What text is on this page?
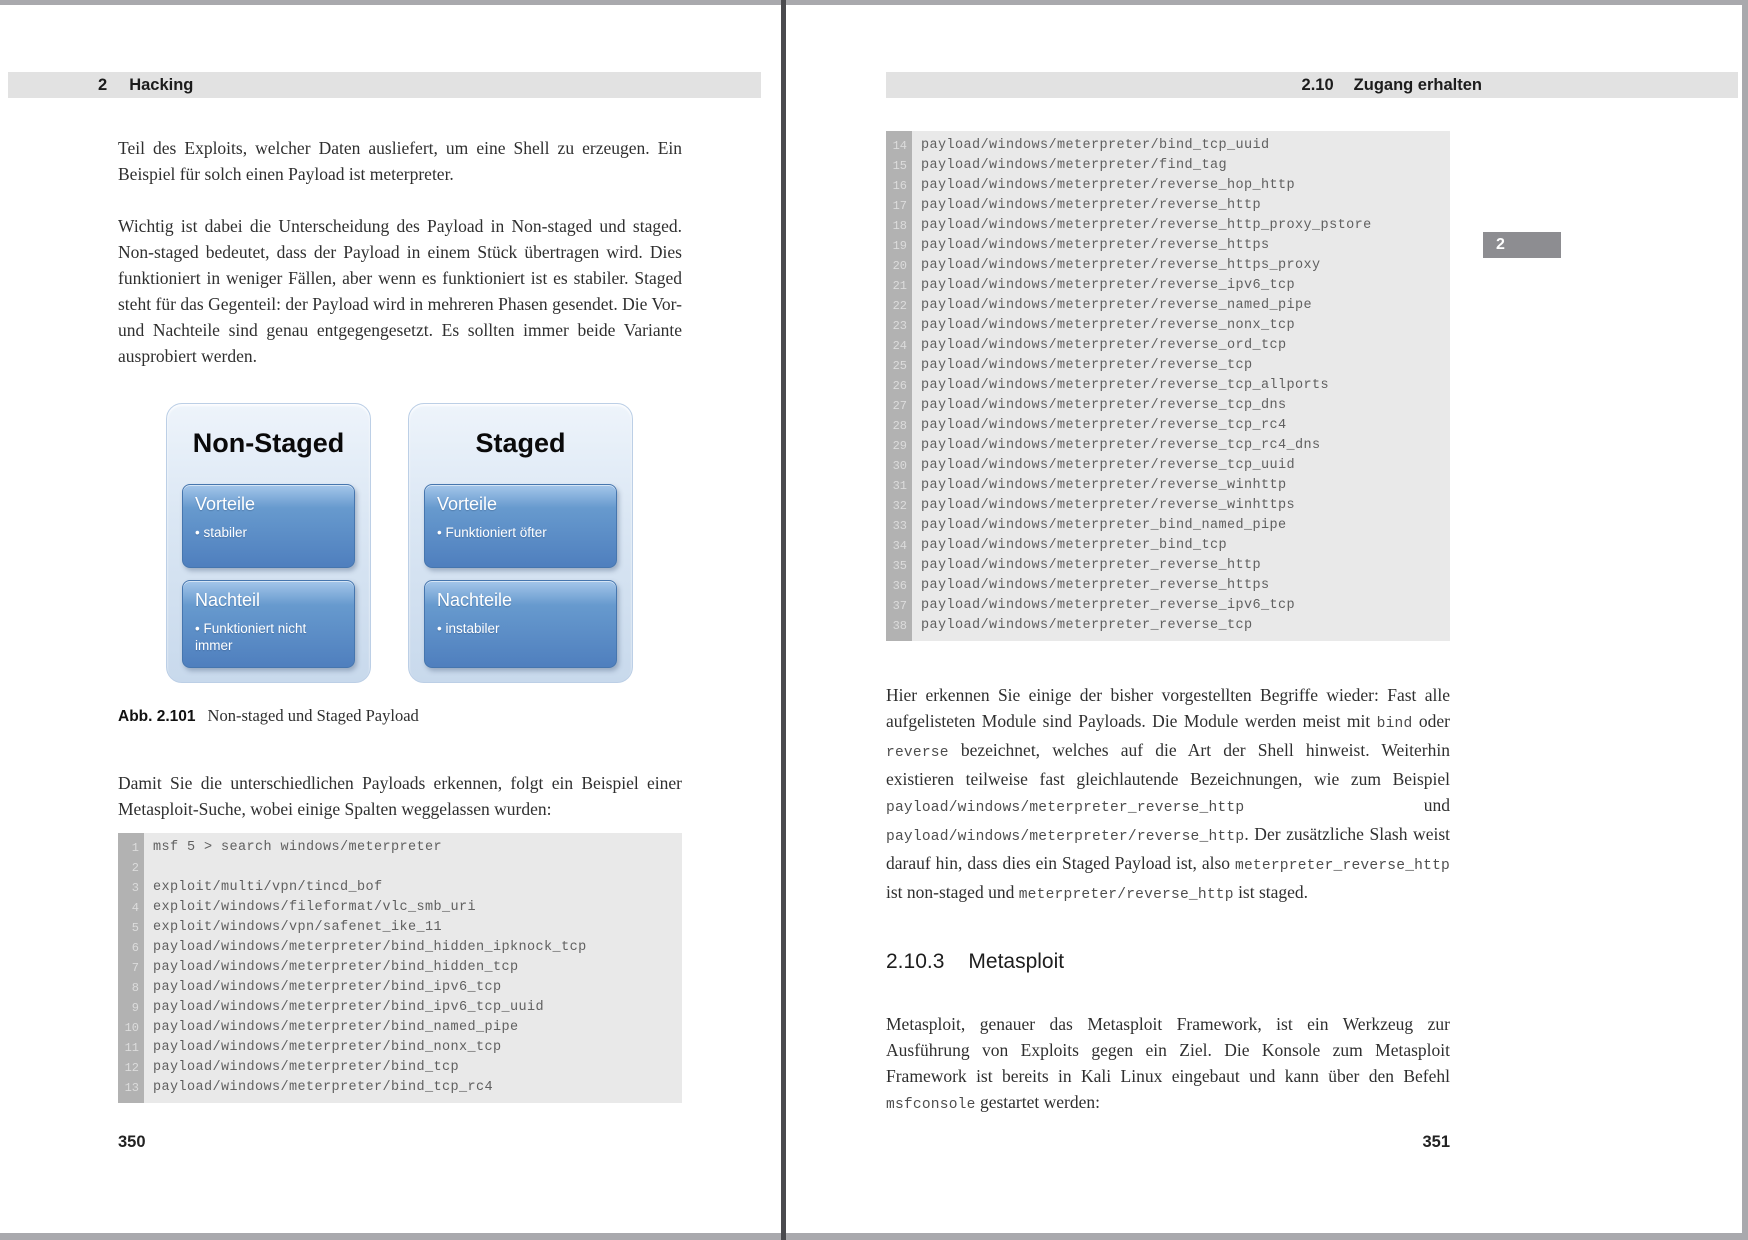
2 Hacking

Teil des Exploits, welcher Daten ausliefert, um eine Shell zu erzeugen. Ein Beispiel für solch einen Payload ist meterpreter.

Wichtig ist dabei die Unterscheidung des Payload in Non-staged und staged. Non-staged bedeutet, dass der Payload in einem Stück übertragen wird. Dies funktioniert in weniger Fällen, aber wenn es funktioniert ist es stabiler. Staged steht für das Gegenteil: der Payload wird in mehreren Phasen gesendet. Die Vor- und Nachteile sind genau entgegengesetzt. Es sollten immer beide Variante ausprobiert werden.

Non-Staged
Vorteile
• stabiler
Nachteil
• Funktioniert nicht immer
Staged
Vorteile
• Funktioniert öfter
Nachteile
• instabiler
Abb. 2.101 Non-staged und Staged Payload

Damit Sie die unterschiedlichen Payloads erkennen, folgt ein Beispiel einer Metasploit-Suche, wobei einige Spalten weggelassen wurden:

1	msf 5 > search windows/meterpreter
2
3	exploit/multi/vpn/tincd_bof
4	exploit/windows/fileformat/vlc_smb_uri
5	exploit/windows/vpn/safenet_ike_11
6	payload/windows/meterpreter/bind_hidden_ipknock_tcp
7	payload/windows/meterpreter/bind_hidden_tcp
8	payload/windows/meterpreter/bind_ipv6_tcp
9	payload/windows/meterpreter/bind_ipv6_tcp_uuid
10	payload/windows/meterpreter/bind_named_pipe
11	payload/windows/meterpreter/bind_nonx_tcp
12	payload/windows/meterpreter/bind_tcp
13	payload/windows/meterpreter/bind_tcp_rc4
350
2.10 Zugang erhalten
2
14	payload/windows/meterpreter/bind_tcp_uuid
15	payload/windows/meterpreter/find_tag
16	payload/windows/meterpreter/reverse_hop_http
17	payload/windows/meterpreter/reverse_http
18	payload/windows/meterpreter/reverse_http_proxy_pstore
19	payload/windows/meterpreter/reverse_https
20	payload/windows/meterpreter/reverse_https_proxy
21	payload/windows/meterpreter/reverse_ipv6_tcp
22	payload/windows/meterpreter/reverse_named_pipe
23	payload/windows/meterpreter/reverse_nonx_tcp
24	payload/windows/meterpreter/reverse_ord_tcp
25	payload/windows/meterpreter/reverse_tcp
26	payload/windows/meterpreter/reverse_tcp_allports
27	payload/windows/meterpreter/reverse_tcp_dns
28	payload/windows/meterpreter/reverse_tcp_rc4
29	payload/windows/meterpreter/reverse_tcp_rc4_dns
30	payload/windows/meterpreter/reverse_tcp_uuid
31	payload/windows/meterpreter/reverse_winhttp
32	payload/windows/meterpreter/reverse_winhttps
33	payload/windows/meterpreter_bind_named_pipe
34	payload/windows/meterpreter_bind_tcp
35	payload/windows/meterpreter_reverse_http
36	payload/windows/meterpreter_reverse_https
37	payload/windows/meterpreter_reverse_ipv6_tcp
38	payload/windows/meterpreter_reverse_tcp

Hier erkennen Sie einige der bisher vorgestellten Begriffe wieder: Fast alle aufgelisteten Module sind Payloads. Die Module werden meist mit bind oder reverse bezeichnet, welches auf die Art der Shell hinweist. Weiterhin existieren teilweise fast gleichlautende Bezeichnungen, wie zum Beispiel payload/windows/meterpreter_reverse_http und payload/windows/meterpreter/reverse_http. Der zusätzliche Slash weist darauf hin, dass dies ein Staged Payload ist, also meterpreter_reverse_http ist non-staged und meterpreter/reverse_http ist staged.

2.10.3 Metasploit

Metasploit, genauer das Metasploit Framework, ist ein Werkzeug zur Ausführung von Exploits gegen ein Ziel. Die Konsole zum Metasploit Framework ist bereits in Kali Linux eingebaut und kann über den Befehl msfconsole gestartet werden:

351
